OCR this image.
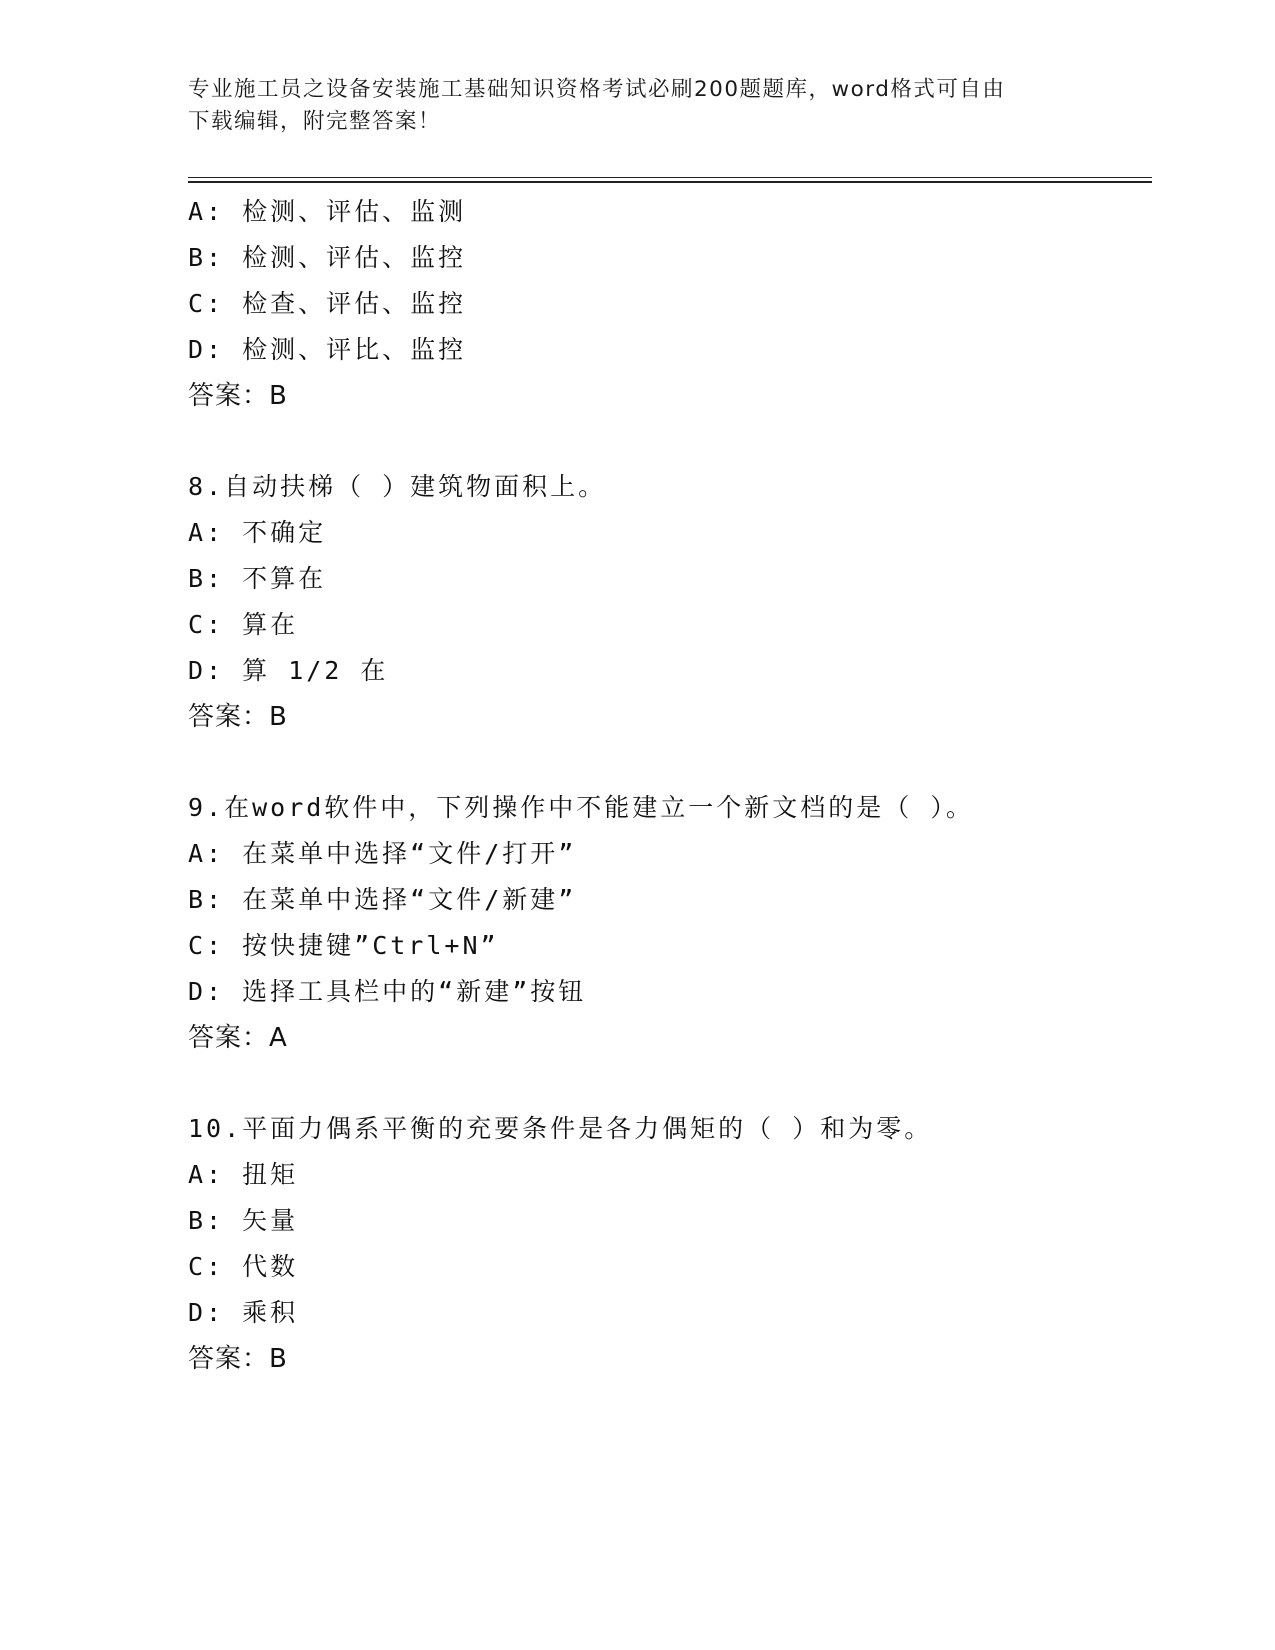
专业施工员之设备安装施工基础知识资格考试必刷200题题库，word格式可自由
下载编辑，附完整答案！
A: 检测、评估、监测
B: 检测、评估、监控
C: 检查、评估、监控
D: 检测、评比、监控
答案：B
8.自动扶梯（ ）建筑物面积上。
A: 不确定
B: 不算在
C: 算在
D: 算 1/2 在
答案：B
9.在word软件中，下列操作中不能建立一个新文档的是（ ）。
A: 在菜单中选择“文件/打开”
B: 在菜单中选择“文件/新建”
C: 按快捷键”Ctrl+N”
D: 选择工具栏中的“新建”按钮
答案：A
10.平面力偶系平衡的充要条件是各力偶矩的（ ）和为零。
A: 扭矩
B: 矢量
C: 代数
D: 乘积
答案：B
